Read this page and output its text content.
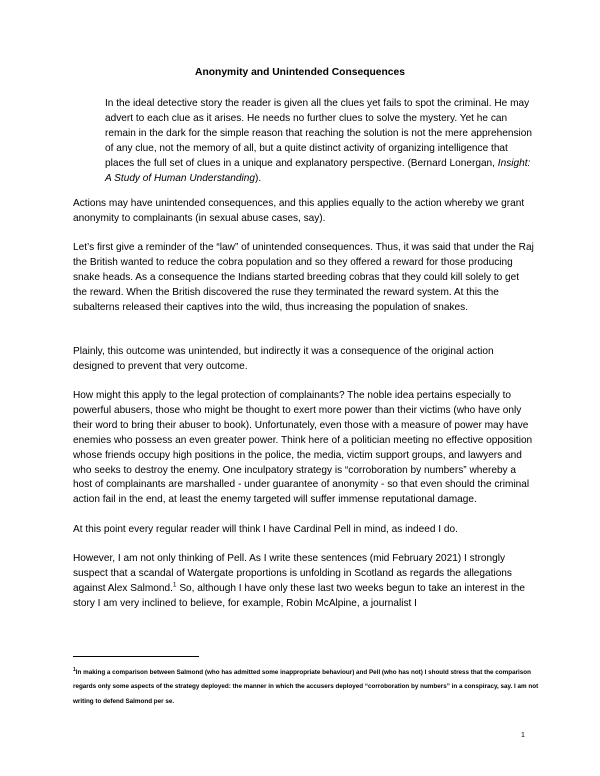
Anonymity and Unintended Consequences

In the ideal detective story the reader is given all the clues yet fails to spot the criminal. He may advert to each clue as it arises. He needs no further clues to solve the mystery. Yet he can remain in the dark for the simple reason that reaching the solution is not the mere apprehension of any clue, not the memory of all, but a quite distinct activity of organizing intelligence that places the full set of clues in a unique and explanatory perspective. (Bernard Lonergan, Insight: A Study of Human Understanding).

Actions may have unintended consequences, and this applies equally to the action whereby we grant anonymity to complainants (in sexual abuse cases, say).

Let’s first give a reminder of the “law” of unintended consequences. Thus, it was said that under the Raj the British wanted to reduce the cobra population and so they offered a reward for those producing snake heads. As a consequence the Indians started breeding cobras that they could kill solely to get the reward. When the British discovered the ruse they terminated the reward system. At this the subalterns released their captives into the wild, thus increasing the population of snakes.

Plainly, this outcome was unintended, but indirectly it was a consequence of the original action designed to prevent that very outcome.

How might this apply to the legal protection of complainants? The noble idea pertains especially to powerful abusers, those who might be thought to exert more power than their victims (who have only their word to bring their abuser to book). Unfortunately, even those with a measure of power may have enemies who possess an even greater power. Think here of a politician meeting no effective opposition whose friends occupy high positions in the police, the media, victim support groups, and lawyers and who seeks to destroy the enemy. One inculpatory strategy is “corroboration by numbers” whereby a host of complainants are marshalled - under guarantee of anonymity - so that even should the criminal action fail in the end, at least the enemy targeted will suffer immense reputational damage.

At this point every regular reader will think I have Cardinal Pell in mind, as indeed I do.

However, I am not only thinking of Pell. As I write these sentences (mid February 2021) I strongly suspect that a scandal of Watergate proportions is unfolding in Scotland as regards the allegations against Alex Salmond.$^1$ So, although I have only these last two weeks begun to take an interest in the story I am very inclined to believe, for example, Robin McAlpine, a journalist I

$^1$In making a comparison between Salmond (who has admitted some inappropriate behaviour) and Pell (who has not) I should stress that the comparison regards only some aspects of the strategy deployed: the manner in which the accusers deployed “corroboration by numbers” in a conspiracy, say. I am not writing to defend Salmond per se.

1
